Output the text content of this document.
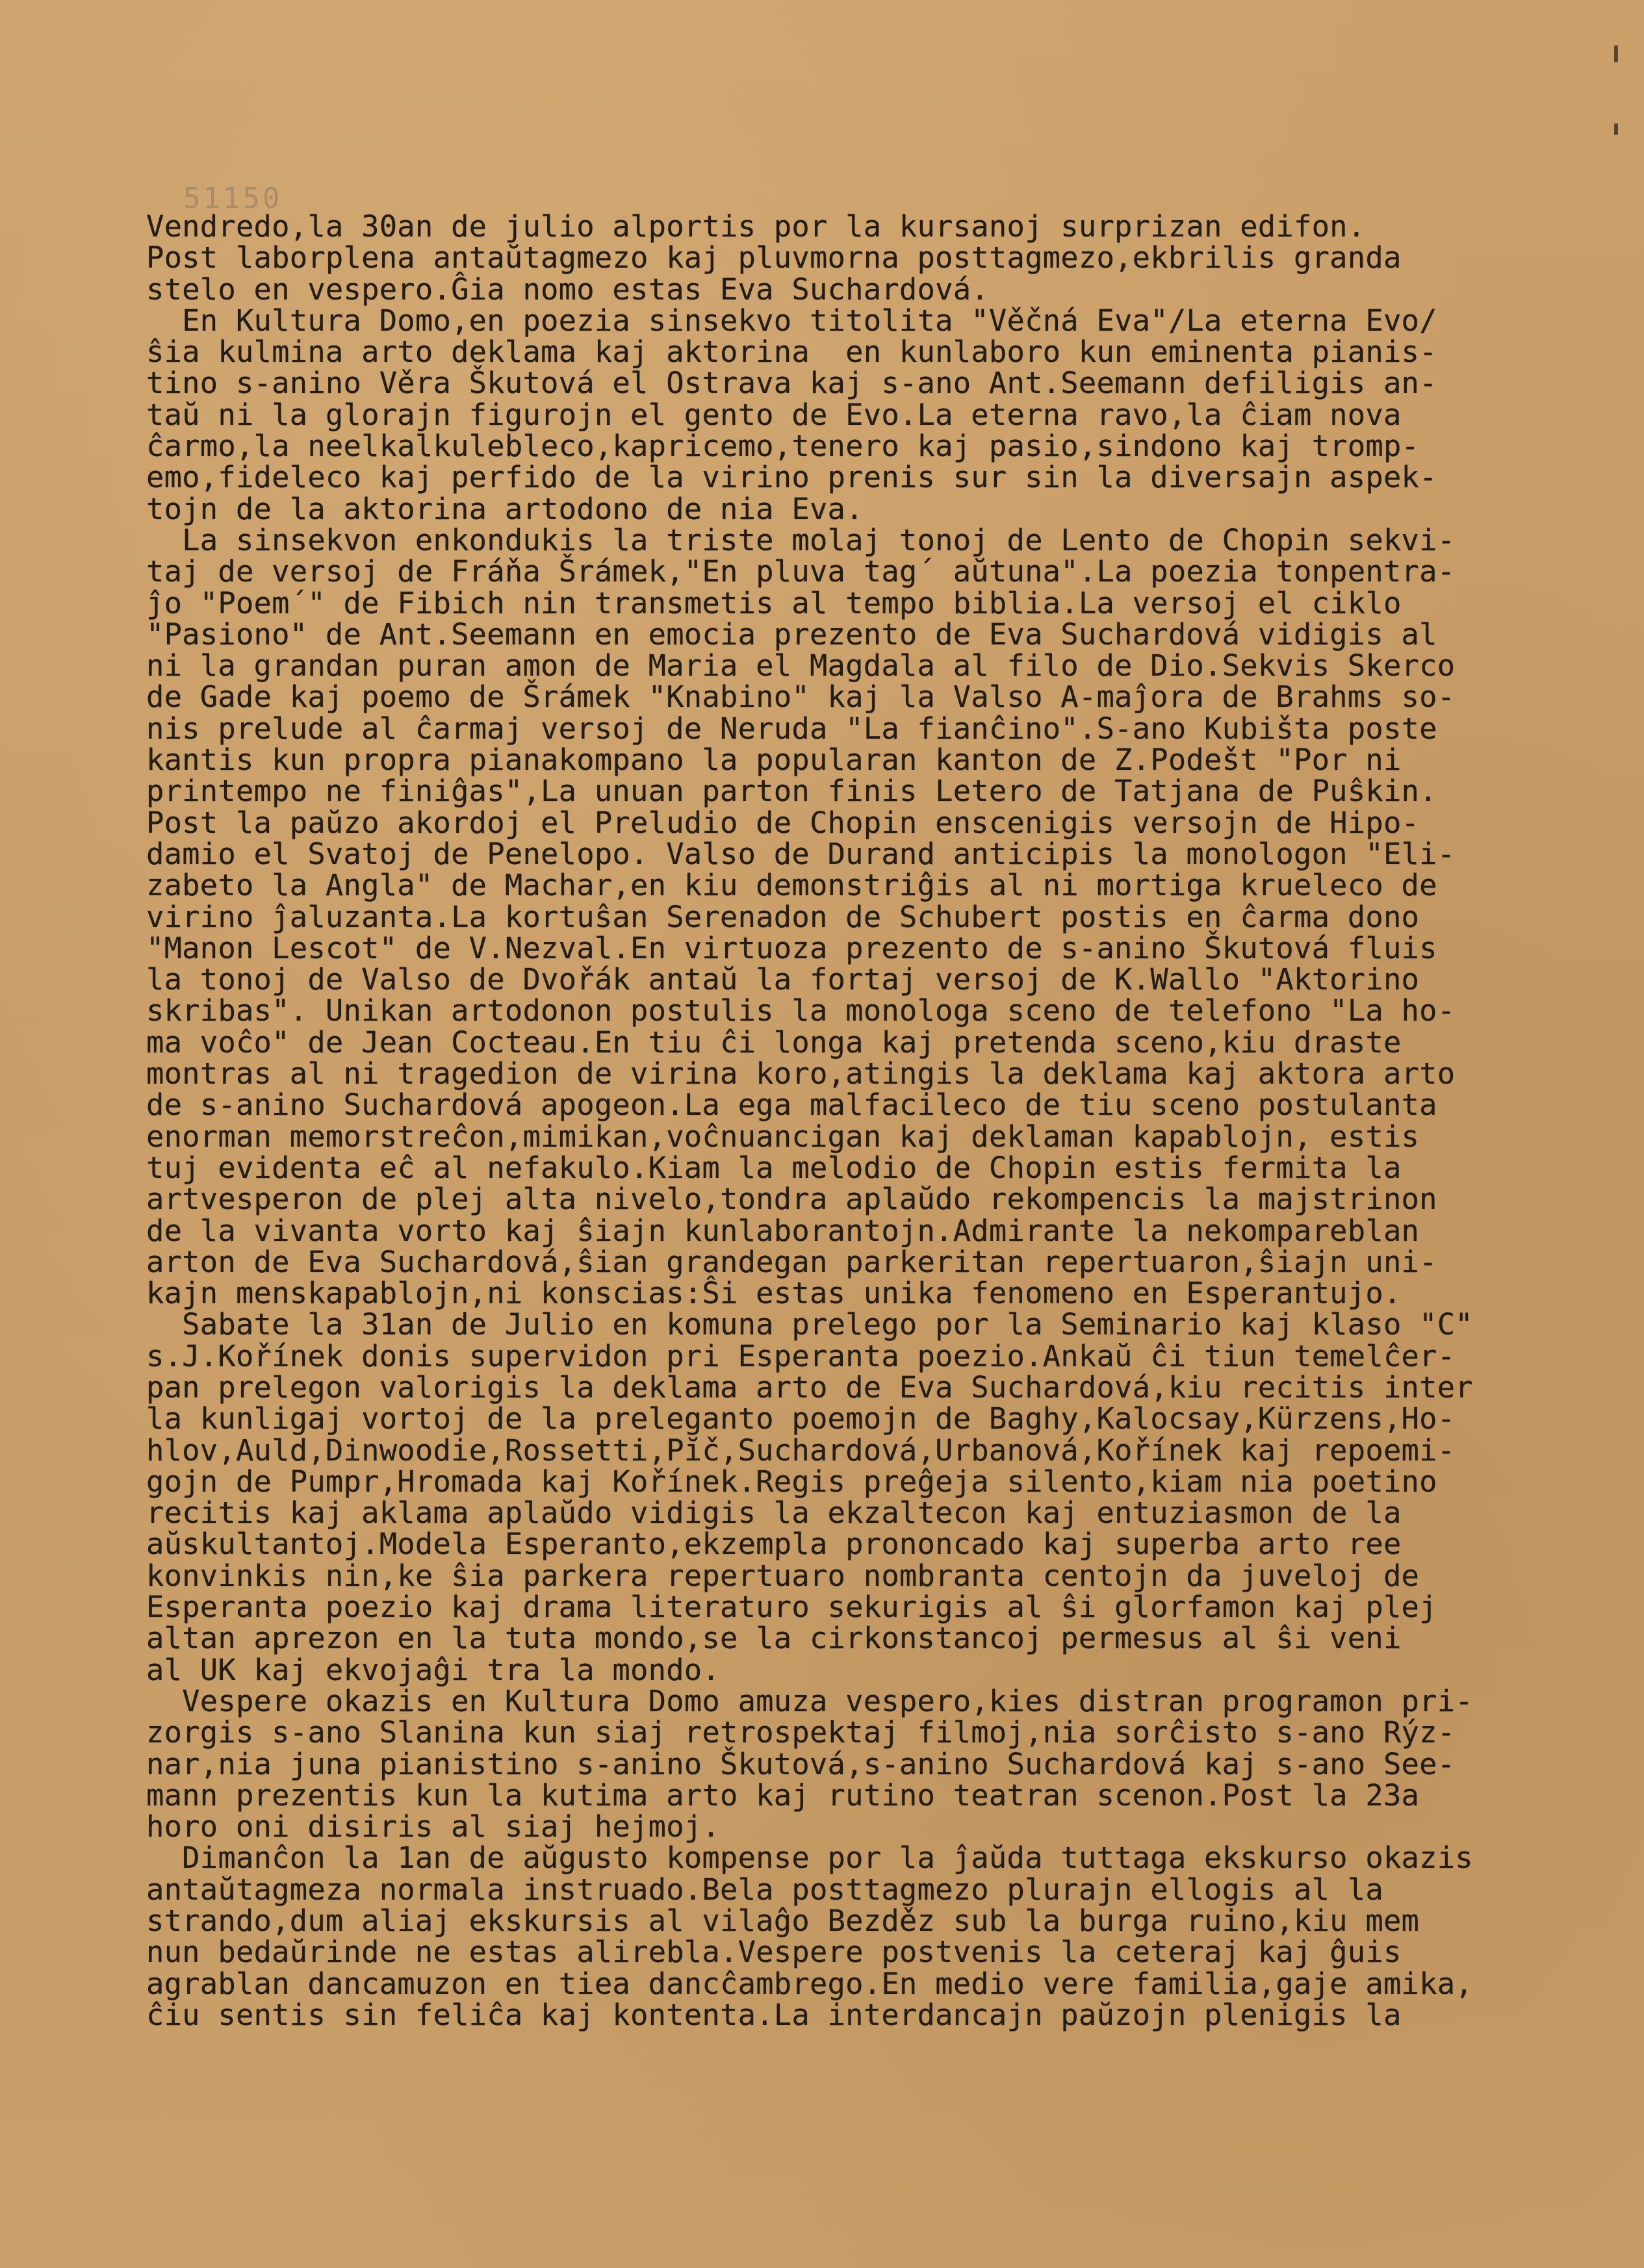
51150
Vendredo,la 30an de julio alportis por la kursanoj surprizan edifon.
Post laborplena antaŭtagmezo kaj pluvmorna posttagmezo,ekbrilis granda
stelo en vespero.Ĝia nomo estas Eva Suchardová.
En Kultura Domo,en poezia sinsekvo titolita "Věčná Eva"/La eterna Evo/
ŝia kulmina arto deklama kaj aktorina  en kunlaboro kun eminenta pianis-
tino s-anino Věra Škutová el Ostrava kaj s-ano Ant.Seemann defiligis an-
taŭ ni la glorajn figurojn el gento de Evo.La eterna ravo,la ĉiam nova
ĉarmo,la neelkalkulebleco,kapricemo,tenero kaj pasio,sindono kaj tromp-
emo,fideleco kaj perfido de la virino prenis sur sin la diversajn aspek-
tojn de la aktorina artodono de nia Eva.
La sinsekvon enkondukis la triste molaj tonoj de Lento de Chopin sekvi-
taj de versoj de Fráňa Šrámek,"En pluva tag´ aŭtuna".La poezia tonpentra-
ĵo "Poem´" de Fibich nin transmetis al tempo biblia.La versoj el ciklo
"Pasiono" de Ant.Seemann en emocia prezento de Eva Suchardová vidigis al
ni la grandan puran amon de Maria el Magdala al filo de Dio.Sekvis Skerco
de Gade kaj poemo de Šrámek "Knabino" kaj la Valso A-maĵora de Brahms so-
nis prelude al ĉarmaj versoj de Neruda "La fianĉino".S-ano Kubišta poste
kantis kun propra pianakompano la popularan kanton de Z.Podešt "Por ni
printempo ne finiĝas",La unuan parton finis Letero de Tatjana de Puŝkin.
Post la paŭzo akordoj el Preludio de Chopin enscenigis versojn de Hipo-
damio el Svatoj de Penelopo. Valso de Durand anticipis la monologon "Eli-
zabeto la Angla" de Machar,en kiu demonstriĝis al ni mortiga krueleco de
virino ĵaluzanta.La kortuŝan Serenadon de Schubert postis en ĉarma dono
"Manon Lescot" de V.Nezval.En virtuoza prezento de s-anino Škutová fluis
la tonoj de Valso de Dvořák antaŭ la fortaj versoj de K.Wallo "Aktorino
skribas". Unikan artodonon postulis la monologa sceno de telefono "La ho-
ma voĉo" de Jean Cocteau.En tiu ĉi longa kaj pretenda sceno,kiu draste
montras al ni tragedion de virina koro,atingis la deklama kaj aktora arto
de s-anino Suchardová apogeon.La ega malfacileco de tiu sceno postulanta
enorman memorstreĉon,mimikan,voĉnuancigan kaj deklaman kapablojn, estis
tuj evidenta eĉ al nefakulo.Kiam la melodio de Chopin estis fermita la
artvesperon de plej alta nivelo,tondra aplaŭdo rekompencis la majstrinon
de la vivanta vorto kaj ŝiajn kunlaborantojn.Admirante la nekompareblan
arton de Eva Suchardová,ŝian grandegan parkeritan repertuaron,ŝiajn uni-
kajn menskapablojn,ni konscias:Ŝi estas unika fenomeno en Esperantujo.
Sabate la 31an de Julio en komuna prelego por la Seminario kaj klaso "C"
s.J.Kořínek donis supervidon pri Esperanta poezio.Ankaŭ ĉi tiun temelĉer-
pan prelegon valorigis la deklama arto de Eva Suchardová,kiu recitis inter
la kunligaj vortoj de la preleganto poemojn de Baghy,Kalocsay,Kürzens,Ho-
hlov,Auld,Dinwoodie,Rossetti,Pĭč,Suchardová,Urbanová,Kořínek kaj repoemi-
gojn de Pumpr,Hromada kaj Kořínek.Regis preĝeja silento,kiam nia poetino
recitis kaj aklama aplaŭdo vidigis la ekzaltecon kaj entuziasmon de la
aŭskultantoj.Modela Esperanto,ekzempla prononcado kaj superba arto ree
konvinkis nin,ke ŝia parkera repertuaro nombranta centojn da juveloj de
Esperanta poezio kaj drama literaturo sekurigis al ŝi glorfamon kaj plej
altan aprezon en la tuta mondo,se la cirkonstancoj permesus al ŝi veni
al UK kaj ekvojaĝi tra la mondo.
Vespere okazis en Kultura Domo amuza vespero,kies distran programon pri-
zorgis s-ano Slanina kun siaj retrospektaj filmoj,nia sorĉisto s-ano Rýz-
nar,nia juna pianistino s-anino Škutová,s-anino Suchardová kaj s-ano See-
mann prezentis kun la kutima arto kaj rutino teatran scenon.Post la 23a
horo oni disiris al siaj hejmoj.
Dimanĉon la 1an de aŭgusto kompense por la ĵaŭda tuttaga ekskurso okazis
antaŭtagmeza normala instruado.Bela posttagmezo plurajn ellogis al la
strando,dum aliaj ekskursis al vilaĝo Bezděz sub la burga ruino,kiu mem
nun bedaŭrinde ne estas alirebla.Vespere postvenis la ceteraj kaj ĝuis
agrablan dancamuzon en tiea dancĉambrego.En medio vere familia,gaje amika,
ĉiu sentis sin feliĉa kaj kontenta.La interdancajn paŭzojn plenigis la
